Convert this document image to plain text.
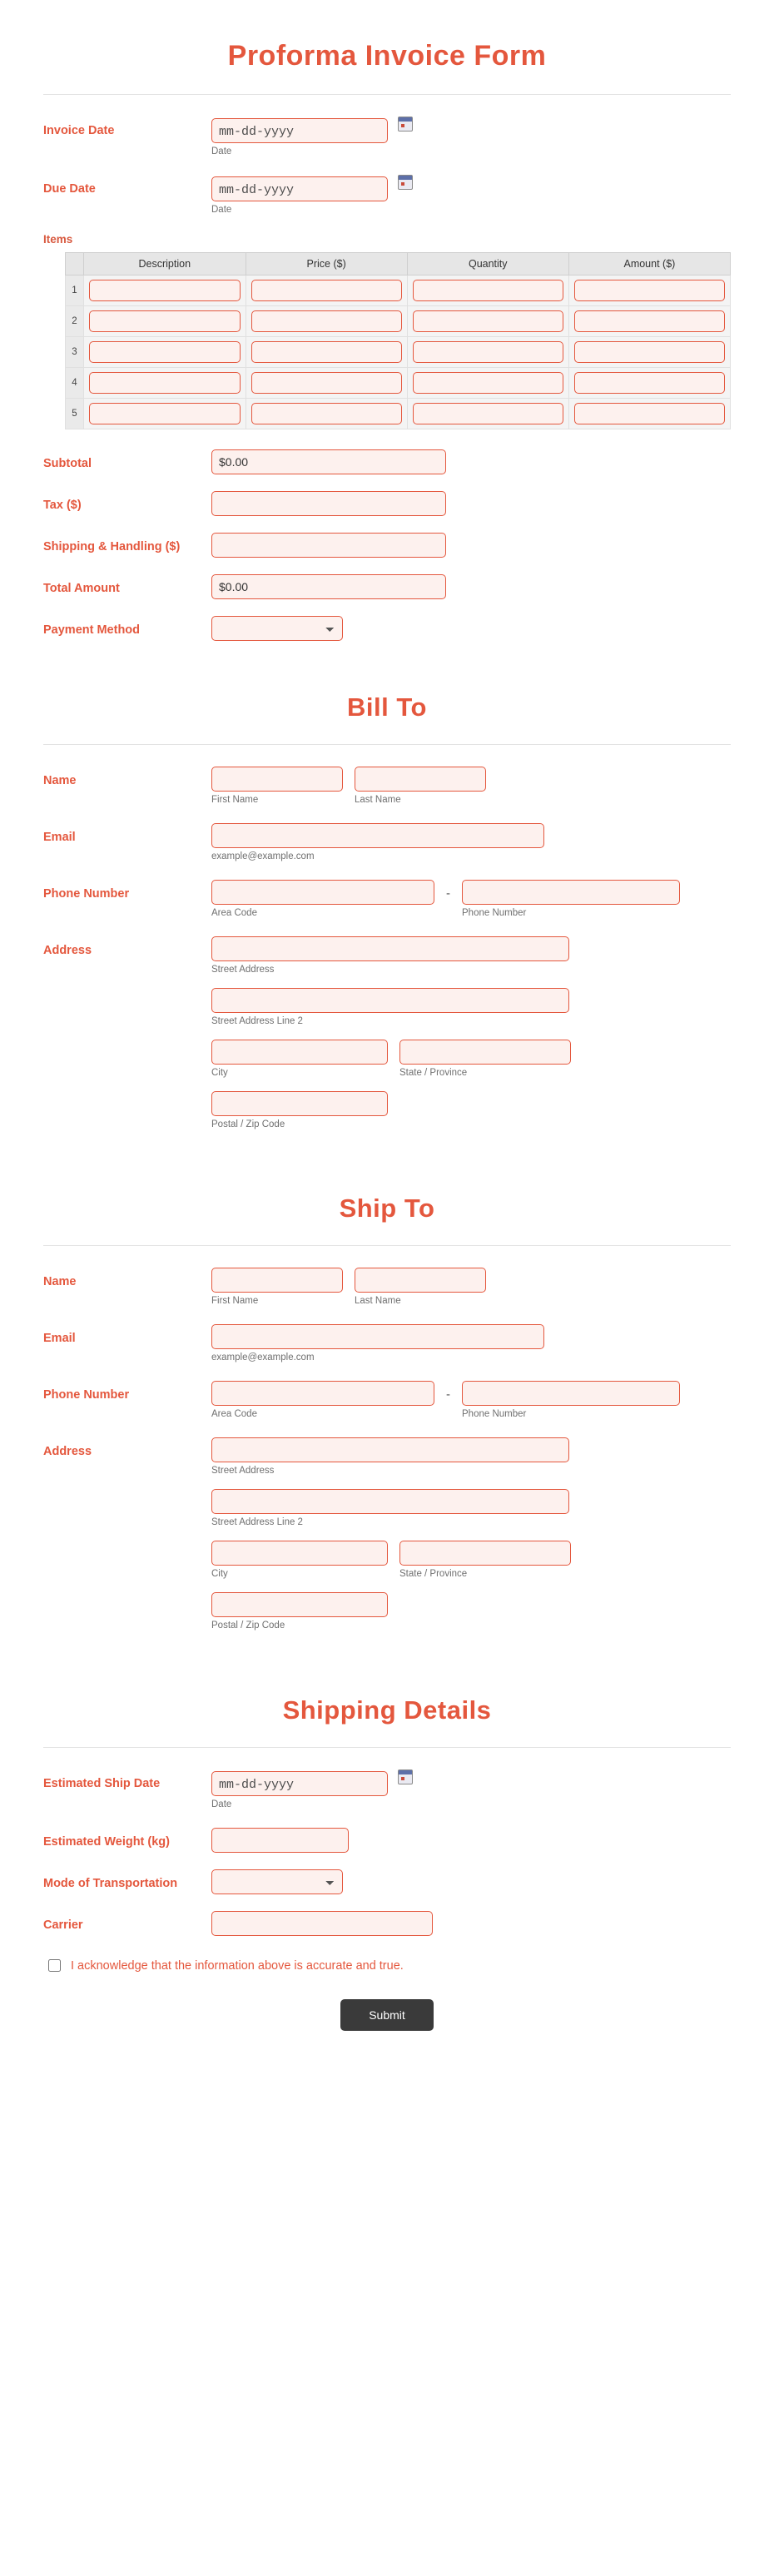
Proforma Invoice Form
Invoice Date
mm-dd-yyyy
Date
Due Date
mm-dd-yyyy
Date
Items
	Description	Price ($)	Quantity	Amount ($)
1				
2				
3				
4				
5				
Subtotal
$0.00
Tax ($)
Shipping & Handling ($)
Total Amount
$0.00
Payment Method
Bill To
Name
First Name	Last Name
Email
example@example.com
Phone Number
Area Code
-
Phone Number
Address
Street Address
Street Address Line 2
City	State / Province
Postal / Zip Code
Ship To
Name
First Name	Last Name
Email
example@example.com
Phone Number
Area Code
-
Phone Number
Address
Street Address
Street Address Line 2
City	State / Province
Postal / Zip Code
Shipping Details
Estimated Ship Date
mm-dd-yyyy
Date
Estimated Weight (kg)
Mode of Transportation
Carrier
I acknowledge that the information above is accurate and true.
Submit
